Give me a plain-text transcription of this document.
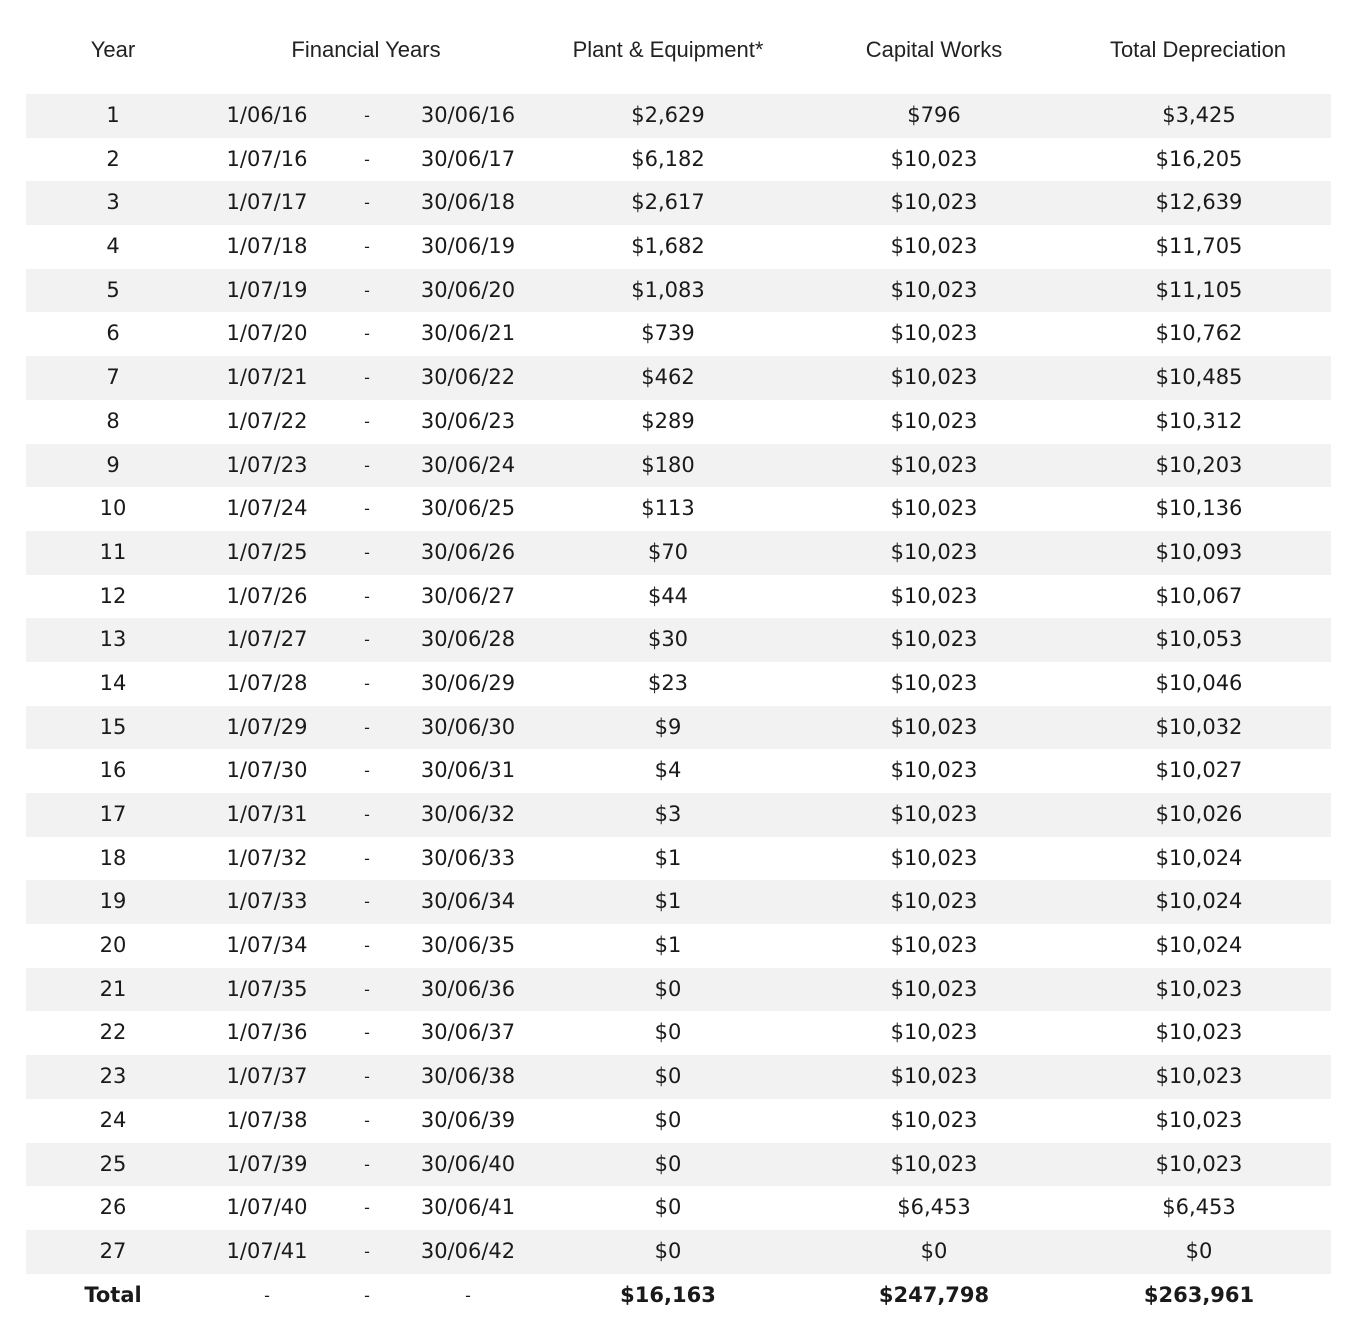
Year	Financial Years	Plant & Equipment*	Capital Works	Total Depreciation
1	1/06/16	- 30/06/16	$2,629	$796	$3,425
2	1/07/16	- 30/06/17	$6,182	$10,023	$16,205
3	1/07/17	- 30/06/18	$2,617	$10,023	$12,639
4	1/07/18	- 30/06/19	$1,682	$10,023	$11,705
5	1/07/19	- 30/06/20	$1,083	$10,023	$11,105
6	1/07/20	- 30/06/21	$739	$10,023	$10,762
7	1/07/21	- 30/06/22	$462	$10,023	$10,485
8	1/07/22	- 30/06/23	$289	$10,023	$10,312
9	1/07/23	- 30/06/24	$180	$10,023	$10,203
10	1/07/24	- 30/06/25	$113	$10,023	$10,136
11	1/07/25	- 30/06/26	$70	$10,023	$10,093
12	1/07/26	- 30/06/27	$44	$10,023	$10,067
13	1/07/27	- 30/06/28	$30	$10,023	$10,053
14	1/07/28	- 30/06/29	$23	$10,023	$10,046
15	1/07/29	- 30/06/30	$9	$10,023	$10,032
16	1/07/30	- 30/06/31	$4	$10,023	$10,027
17	1/07/31	- 30/06/32	$3	$10,023	$10,026
18	1/07/32	- 30/06/33	$1	$10,023	$10,024
19	1/07/33	- 30/06/34	$1	$10,023	$10,024
20	1/07/34	- 30/06/35	$1	$10,023	$10,024
21	1/07/35	- 30/06/36	$0	$10,023	$10,023
22	1/07/36	- 30/06/37	$0	$10,023	$10,023
23	1/07/37	- 30/06/38	$0	$10,023	$10,023
24	1/07/38	- 30/06/39	$0	$10,023	$10,023
25	1/07/39	- 30/06/40	$0	$10,023	$10,023
26	1/07/40	- 30/06/41	$0	$6,453	$6,453
27	1/07/41	- 30/06/42	$0	$0	$0
Total	-	-	-	$16,163	$247,798	$263,961
